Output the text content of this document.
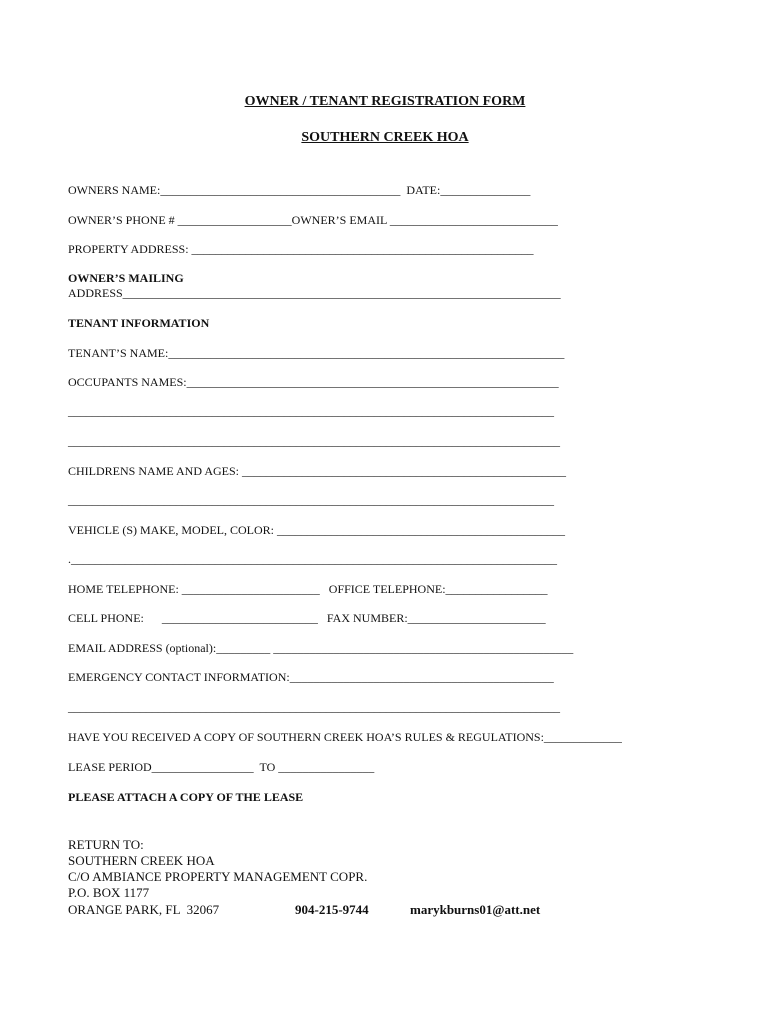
OWNER / TENANT REGISTRATION FORM
SOUTHERN CREEK HOA
OWNERS NAME:________________________________________  DATE:_______________
OWNER’S PHONE # ___________________OWNER’S EMAIL ____________________________
PROPERTY ADDRESS: _________________________________________________________
OWNER’S MAILING
ADDRESS_________________________________________________________________________
TENANT INFORMATION
TENANT’S NAME:__________________________________________________________________
OCCUPANTS NAMES:______________________________________________________________
_________________________________________________________________________________
__________________________________________________________________________________
CHILDRENS NAME AND AGES: ______________________________________________________
_________________________________________________________________________________
VEHICLE (S) MAKE, MODEL, COLOR: ________________________________________________
._________________________________________________________________________________
HOME TELEPHONE: _______________________   OFFICE TELEPHONE:_________________
CELL PHONE:      __________________________   FAX NUMBER:_______________________
EMAIL ADDRESS (optional):_________ __________________________________________________
EMERGENCY CONTACT INFORMATION:____________________________________________
__________________________________________________________________________________
HAVE YOU RECEIVED A COPY OF SOUTHERN CREEK HOA’S RULES & REGULATIONS:_____________
LEASE PERIOD_________________  TO ________________
PLEASE ATTACH A COPY OF THE LEASE
RETURN TO:
SOUTHERN CREEK HOA
C/O AMBIANCE PROPERTY MANAGEMENT COPR.
P.O. BOX 1177
ORANGE PARK, FL  32067	904-215-9744	marykburns01@att.net
